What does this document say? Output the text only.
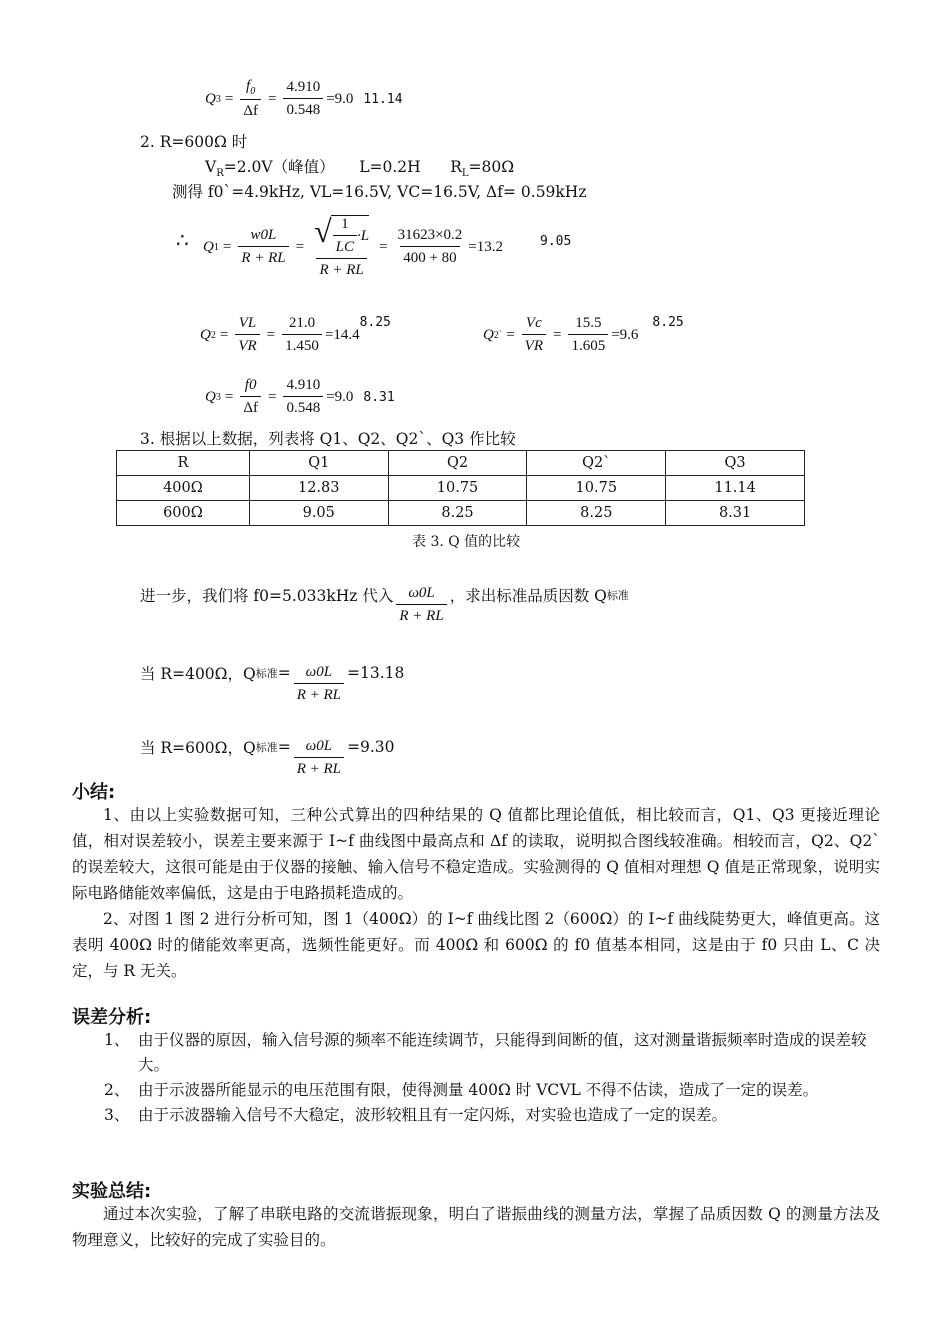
Q $3 = \frac{f_0}{\Delta f} = \frac{4.910}{0.548} =9.0$ 11.14
2. R=600Ω 时
$V_R=2.0V$（峰值）     L=0.2H      $R_L=80\Omega$
测得 f0`=4.9kHz, VL=16.5V, VC=16.5V, Δf= 0.59kHz
∴ Q $1 = \frac{w0L}{R + RL}$ = √ $\frac{1}{LC} \cdot L$
R + RL
= $\frac{31623\times 0.2}{400 + 80} =13.2$	9.05
Q $2 = \frac{VL}{VR} = \frac{21.0}{1.450} =14.4$
8.25
Q 2 ` = $\frac{Vc}{VR} = \frac{15.5}{1.605} =9.6$
8.25
Q $3 = \frac{f0}{\Delta f} = \frac{4.910}{0.548} =9.0$ 8.31
3. 根据以上数据，列表将 Q1、Q2、Q2`、Q3 作比较
R	Q1	Q2	Q2`	Q3
400Ω	12.83	10.75	10.75	11.14
600Ω	9.05	8.25	8.25	8.31
表 3. Q 值的比较
进一步，我们将 f0=5.033kHz 代入 $\frac{\omega 0L}{R + RL}$ ，求出标准品质因数 Q 标准
当 R=400Ω，Q 标准 = $\frac{\omega 0L}{R + RL} =13.18$
当 R=600Ω，Q 标准 = $\frac{\omega 0L}{R + RL} =9.30$
小结:

1、由以上实验数据可知，三种公式算出的四种结果的 Q 值都比理论值低，相比较而言，Q1、Q3 更接近理论值，相对误差较小，误差主要来源于 I~f 曲线图中最高点和 Δf 的读取，说明拟合图线较准确。相较而言，Q2、Q2`的误差较大，这很可能是由于仪器的接触、输入信号不稳定造成。实验测得的 Q 值相对理想 Q 值是正常现象，说明实际电路储能效率偏低，这是由于电路损耗造成的。

2、对图 1 图 2 进行分析可知，图 1（400Ω）的 I~f 曲线比图 2（600Ω）的 I~f 曲线陡势更大，峰值更高。这表明 400Ω 时的储能效率更高，选频性能更好。而 400Ω 和 600Ω 的 f0 值基本相同，这是由于 f0 只由 L、C 决定，与 R 无关。

误差分析:
1、 由于仪器的原因，输入信号源的频率不能连续调节，只能得到间断的值，这对测量谐振频率时造成的误差较大。
2、 由于示波器所能显示的电压范围有限，使得测量 400Ω 时 VCVL 不得不估读，造成了一定的误差。
3、 由于示波器输入信号不大稳定，波形较粗且有一定闪烁，对实验也造成了一定的误差。
实验总结:

通过本次实验，了解了串联电路的交流谐振现象，明白了谐振曲线的测量方法，掌握了品质因数 Q 的测量方法及物理意义，比较好的完成了实验目的。
